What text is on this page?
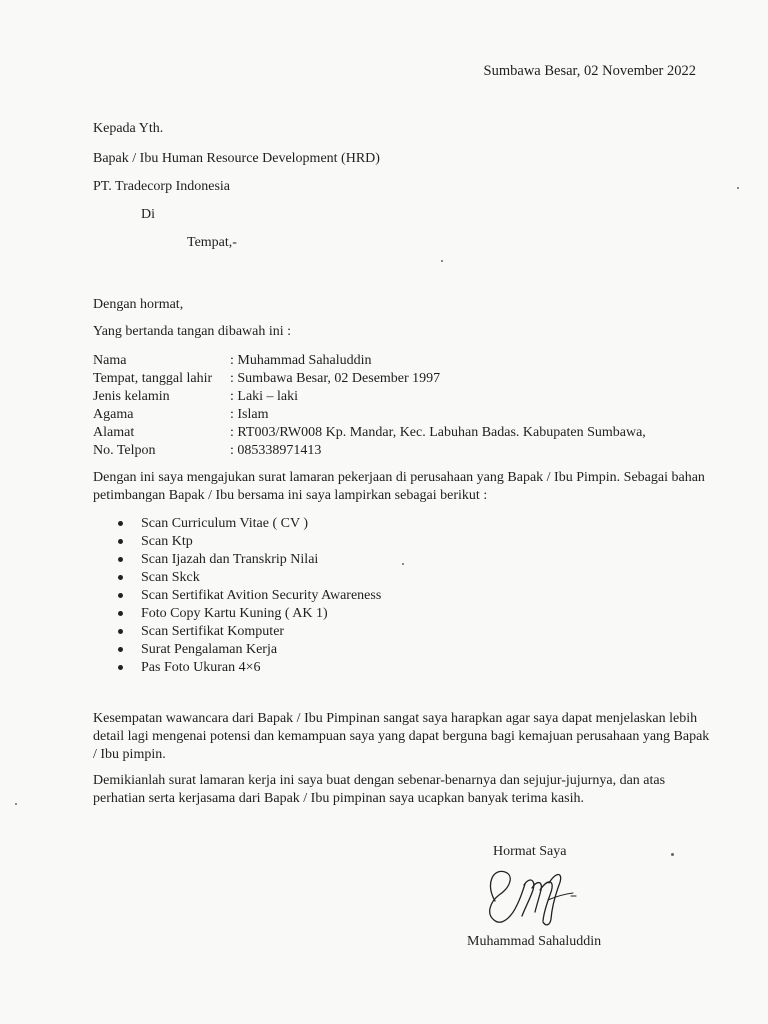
Sumbawa Besar, 02 November 2022
Kepada Yth.
Bapak / Ibu Human Resource Development (HRD)
PT. Tradecorp Indonesia
Di
Tempat,-
Dengan hormat,
Yang bertanda tangan dibawah ini :
Nama	: Muhammad Sahaluddin
Tempat, tanggal lahir : Sumbawa Besar, 02 Desember 1997
Jenis kelamin	: Laki – laki
Agama	: Islam
Alamat	: RT003/RW008 Kp. Mandar, Kec. Labuhan Badas. Kabupaten Sumbawa,
No. Telpon	: 085338971413
Dengan ini saya mengajukan surat lamaran pekerjaan di perusahaan yang Bapak / Ibu Pimpin. Sebagai bahan petimbangan Bapak / Ibu bersama ini saya lampirkan sebagai berikut :
Scan Curriculum Vitae ( CV )
Scan Ktp
Scan Ijazah dan Transkrip Nilai
Scan Skck
Scan Sertifikat Avition Security Awareness
Foto Copy Kartu Kuning ( AK 1)
Scan Sertifikat Komputer
Surat Pengalaman Kerja
Pas Foto Ukuran 4×6
Kesempatan wawancara dari Bapak / Ibu Pimpinan sangat saya harapkan agar saya dapat menjelaskan lebih detail lagi mengenai potensi dan kemampuan saya yang dapat berguna bagi kemajuan perusahaan yang Bapak / Ibu pimpin.
Demikianlah surat lamaran kerja ini saya buat dengan sebenar-benarnya dan sejujur-jujurnya, dan atas perhatian serta kerjasama dari Bapak / Ibu pimpinan saya ucapkan banyak terima kasih.
Hormat Saya
Muhammad Sahaluddin
